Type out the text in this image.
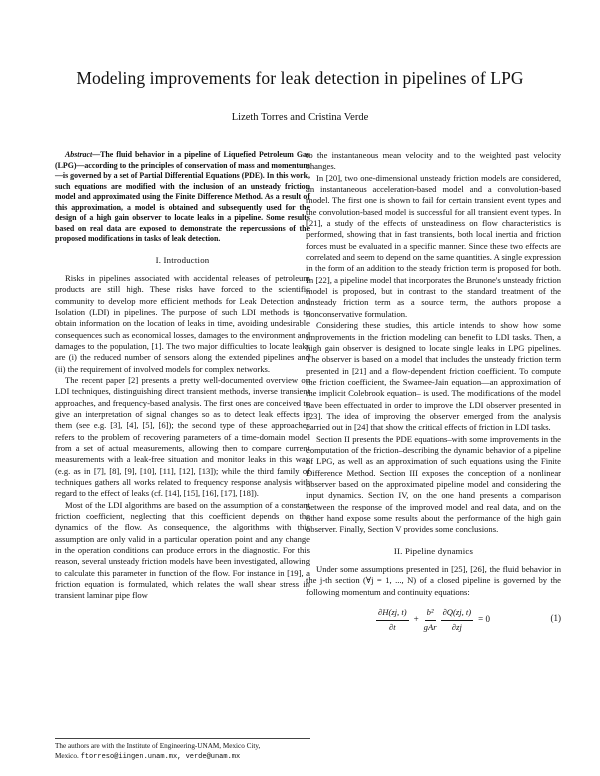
Modeling improvements for leak detection in pipelines of LPG
Lizeth Torres and Cristina Verde
Abstract—The fluid behavior in a pipeline of Liquefied Petroleum Gas (LPG)—according to the principles of conservation of mass and momentum—is governed by a set of Partial Differential Equations (PDE). In this work, such equations are modified with the inclusion of an unsteady friction model and approximated using the Finite Difference Method. As a result of this approximation, a model is obtained and subsequently used for the design of a high gain observer to locate leaks in a pipeline. Some results based on real data are exposed to demonstrate the repercussions of the proposed modifications in tasks of leak detection.
I. Introduction
Risks in pipelines associated with accidental releases of petroleum products are still high. These risks have forced to the scientific community to develop more efficient methods for Leak Detection and Isolation (LDI) in pipelines. The purpose of such LDI methods is to obtain information on the location of leaks in time, avoiding undesirable consequences such as economical losses, damages to the environment and damages to the population, [1]. The two major difficulties to locate leaks are (i) the reduced number of sensors along the extended pipelines and (ii) the requirement of involved models for complex networks.
The recent paper [2] presents a pretty well-documented overview on LDI techniques, distinguishing direct transient methods, inverse transient approaches, and frequency-based analysis. The first ones are conceived to give an interpretation of signal changes so as to detect leak effects in them (see e.g. [3], [4], [5], [6]); the second type of these approaches refers to the problem of recovering parameters of a time-domain model from a set of actual measurements, allowing then to compare current measurements with a leak-free situation and monitor leaks in this way (e.g. as in [7], [8], [9], [10], [11], [12], [13]); while the third family of techniques gathers all works related to frequency response analysis with regard to the effect of leaks (cf. [14], [15], [16], [17], [18]).
Most of the LDI algorithms are based on the assumption of a constant friction coefficient, neglecting that this coefficient depends on the dynamics of the flow. As consequence, the algorithms with this assumption are only valid in a particular operation point and any change in the operation conditions can produce errors in the diagnostic. For this reason, several unsteady friction models have been investigated, allowing to calculate this parameter in function of the flow. For instance in [19], a friction equation is formulated, which relates the wall shear stress in transient laminar pipe flow
to the instantaneous mean velocity and to the weighted past velocity changes.
In [20], two one-dimensional unsteady friction models are considered, an instantaneous acceleration-based model and a convolution-based model. The first one is shown to fail for certain transient event types and the convolution-based model is successful for all transient event types. In [21], a study of the effects of unsteadiness on flow characteristics is performed, showing that in fast transients, both local inertia and friction forces must be evaluated in a specific manner. Since these two effects are correlated and seem to depend on the same quantities. A single expression in the form of an addition to the steady friction term is proposed for both. In [22], a pipeline model that incorporates the Brunone's unsteady friction model is proposed, but in contrast to the standard treatment of the unsteady friction term as a source term, the authors propose a nonconservative formulation.
Considering these studies, this article intends to show how some improvements in the friction modeling can benefit to LDI tasks. Then, a high gain observer is designed to locate single leaks in LPG pipelines. The observer is based on a model that includes the unsteady friction term presented in [21] and a flow-dependent friction coefficient. To compute the friction coefficient, the Swamee-Jain equation—an approximation of the implicit Colebrook equation– is used. The modifications of the model have been effectuated in order to improve the LDI observer presented in [23]. The idea of improving the observer emerged from the analysis carried out in [24] that show the critical effects of friction in LDI tasks.
Section II presents the PDE equations–with some improvements in the computation of the friction–describing the dynamic behavior of a pipeline of LPG, as well as an approximation of such equations using the Finite Difference Method. Section III exposes the conception of a nonlinear observer based on the approximated pipeline model and considering the input dynamics. Section IV, on the one hand presents a comparison between the response of the improved model and real data, and on the other hand expose some results about the performance of the high gain observer. Finally, Section V provides some conclusions.
II. Pipeline dynamics
Under some assumptions presented in [25], [26], the fluid behavior in the j-th section (∀j = 1, ..., N) of a closed pipeline is governed by the following momentum and continuity equations:
$\frac{\partial H(zj, t)}{\partial t} + \frac{\text{b²}}{\text{gAr}} \frac{\partial Q(zj, t)}{\partial zj} = 0$	(1)
The authors are with the Institute of Engineering-UNAM, Mexico City,
Mexico. ftorreso@iingen.unam.mx, verde@unam.mx
